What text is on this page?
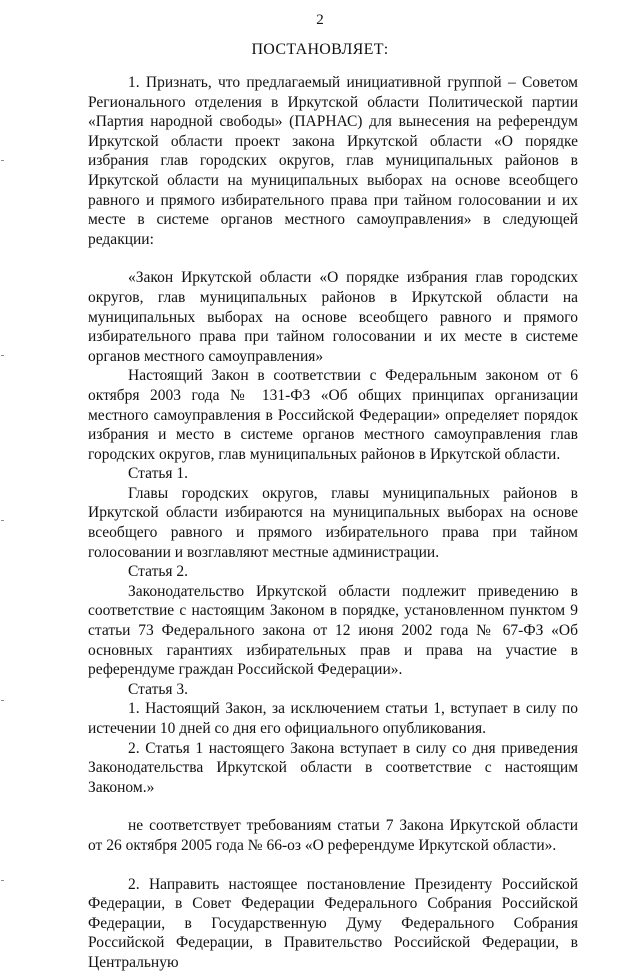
2
ПОСТАНОВЛЯЕТ:

1. Признать, что предлагаемый инициативной группой – Советом Регионального отделения в Иркутской области Политической партии «Партия народной свободы» (ПАРНАС) для вынесения на референдум Иркутской области проект закона Иркутской области «О порядке избрания глав городских округов, глав муниципальных районов в Иркутской области на муниципальных выборах на основе всеобщего равного и прямого избирательного права при тайном голосовании и их месте в системе органов местного самоуправления» в следующей редакции:

«Закон Иркутской области «О порядке избрания глав городских округов, глав муниципальных районов в Иркутской области на муниципальных выборах на основе всеобщего равного и прямого избирательного права при тайном голосовании и их месте в системе органов местного самоуправления»

Настоящий Закон в соответствии с Федеральным законом от 6 октября 2003 года № 131-ФЗ «Об общих принципах организации местного самоуправления в Российской Федерации» определяет порядок избрания и место в системе органов местного самоуправления глав городских округов, глав муниципальных районов в Иркутской области.

Статья 1.

Главы городских округов, главы муниципальных районов в Иркутской области избираются на муниципальных выборах на основе всеобщего равного и прямого избирательного права при тайном голосовании и возглавляют местные администрации.

Статья 2.

Законодательство Иркутской области подлежит приведению в соответствие с настоящим Законом в порядке, установленном пунктом 9 статьи 73 Федерального закона от 12 июня 2002 года № 67-ФЗ «Об основных гарантиях избирательных прав и права на участие в референдуме граждан Российской Федерации».

Статья 3.

1. Настоящий Закон, за исключением статьи 1, вступает в силу по истечении 10 дней со дня его официального опубликования.

2. Статья 1 настоящего Закона вступает в силу со дня приведения Законодательства Иркутской области в соответствие с настоящим Законом.»

не соответствует требованиям статьи 7 Закона Иркутской области от 26 октября 2005 года № 66-оз «О референдуме Иркутской области».

2. Направить настоящее постановление Президенту Российской Федерации, в Совет Федерации Федерального Собрания Российской Федерации, в Государственную Думу Федерального Собрания Российской Федерации, в Правительство Российской Федерации, в Центральную
